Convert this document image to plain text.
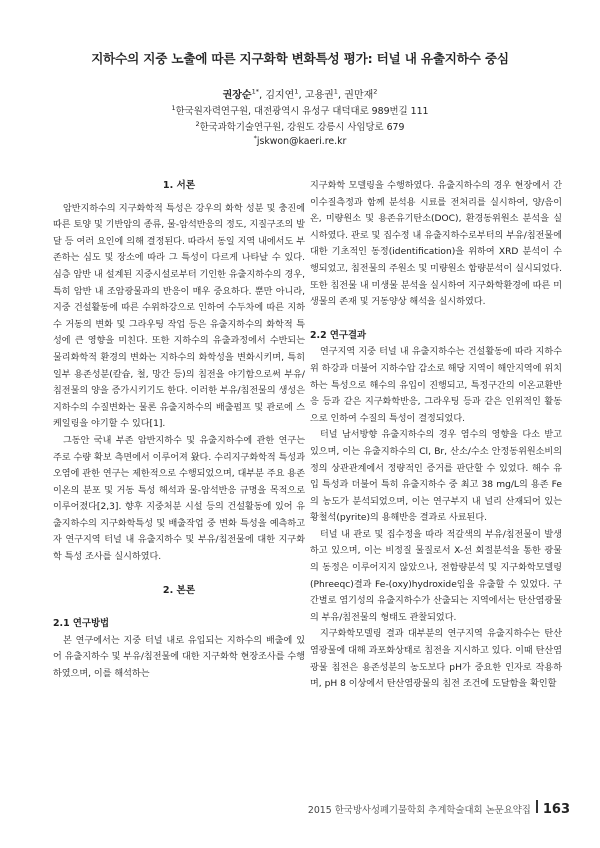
지하수의 지중 노출에 따른 지구화학 변화특성 평가: 터널 내 유출지하수 중심
권장순$^{1*}$, 김지연$^1$, 고용권$^1$, 권만재$^2$
$^1$한국원자력연구원, 대전광역시 유성구 대덕대로 989번길 111
$^2$한국과학기술연구원, 강원도 강릉시 사임당로 679
*jskwon@kaeri.re.kr

1. 서론

암반지하수의 지구화학적 특성은 강우의 화학 성분 및 충진에 따른 토양 및 기반암의 종류, 물-암석반응의 정도, 지질구조의 발달 등 여러 요인에 의해 결정된다. 따라서 동일 지역 내에서도 부존하는 심도 및 장소에 따라 그 특성이 다르게 나타날 수 있다. 심층 암반 내 설계된 지중시설로부터 기인한 유출지하수의 경우, 특히 암반 내 조암광물과의 반응이 매우 중요하다. 뿐만 아니라, 지중 건설활동에 따른 수위하강으로 인하여 수두차에 따른 지하수 거동의 변화 및 그라우팅 작업 등은 유출지하수의 화학적 특성에 큰 영향을 미친다. 또한 지하수의 유출과정에서 수반되는 물리화학적 환경의 변화는 지하수의 화학성을 변화시키며, 특히 일부 용존성분(칼슘, 철, 망간 등)의 침전을 야기함으로써 부유/침전물의 양을 증가시키기도 한다. 이러한 부유/침전물의 생성은 지하수의 수질변화는 물론 유출지하수의 배출펌프 및 관로에 스케일링을 야기할 수 있다[1].

그동안 국내 부존 암반지하수 및 유출지하수에 관한 연구는 주로 수량 확보 측면에서 이루어져 왔다. 수리지구화학적 특성과 오염에 관한 연구는 제한적으로 수행되었으며, 대부분 주요 용존 이온의 분포 및 거동 특성 해석과 물-암석반응 규명을 목적으로 이루어졌다[2,3]. 향후 지중처분 시설 등의 건설활동에 있어 유출지하수의 지구화학특성 및 배출작업 중 변화 특성을 예측하고자 연구지역 터널 내 유출지하수 및 부유/침전물에 대한 지구화학 특성 조사를 실시하였다.

2. 본론

2.1 연구방법

본 연구에서는 지중 터널 내로 유입되는 지하수의 배출에 있어 유출지하수 및 부유/침전물에 대한 지구화학 현장조사를 수행하였으며, 이를 해석하는

지구화학 모델링을 수행하였다. 유출지하수의 경우 현장에서 간이수질측정과 함께 분석용 시료를 전처리를 실시하여, 양/음이온, 미량원소 및 용존유기탄소(DOC), 환경동위원소 분석을 실시하였다. 관로 및 집수정 내 유출지하수로부터의 부유/침전물에 대한 기초적인 동정(identification)을 위하여 XRD 분석이 수행되었고, 침전물의 주원소 및 미량원소 함량분석이 실시되었다. 또한 침전물 내 미생물 분석을 실시하여 지구화학환경에 따른 미생물의 존재 및 거동양상 해석을 실시하였다.

2.2 연구결과

연구지역 지중 터널 내 유출지하수는 건설활동에 따라 지하수위 하강과 더불어 지하수압 감소로 해당 지역이 해안지역에 위치하는 특성으로 해수의 유입이 진행되고, 특정구간의 이온교환반응 등과 같은 지구화학반응, 그라우팅 등과 같은 인위적인 활동으로 인하여 수질의 특성이 결정되었다.

터널 남서방향 유출지하수의 경우 염수의 영향을 다소 받고 있으며, 이는 유출지하수의 Cl, Br, 산소/수소 안정동위원소비의 정의 상관관계에서 정량적인 증거를 판단할 수 있었다. 해수 유입 특성과 더불어 특히 유출지하수 중 최고 38 mg/L의 용존 Fe의 농도가 분석되었으며, 이는 연구부지 내 널리 산재되어 있는 황철석(pyrite)의 용해반응 결과로 사료된다.

터널 내 관로 및 집수정을 따라 적갈색의 부유/침전물이 발생하고 있으며, 이는 비정질 물질로서 X-선 회절분석을 통한 광물의 동정은 이루어지지 않았으나, 전함량분석 및 지구화학모델링(Phreeqc)결과 Fe-(oxy)hydroxide임을 유출할 수 있었다. 구간별로 염기성의 유출지하수가 산출되는 지역에서는 탄산염광물의 부유/침전물의 형태도 관찰되었다.

지구화학모델링 결과 대부분의 연구지역 유출지하수는 탄산염광물에 대해 과포화상태로 침전을 지시하고 있다. 이때 탄산염광물 침전은 용존성분의 농도보다 pH가 중요한 인자로 작용하며, pH 8 이상에서 탄산염광물의 침전 조건에 도달함을 확인할

2015 한국방사성폐기물학회 추계학술대회 논문요약집 163
